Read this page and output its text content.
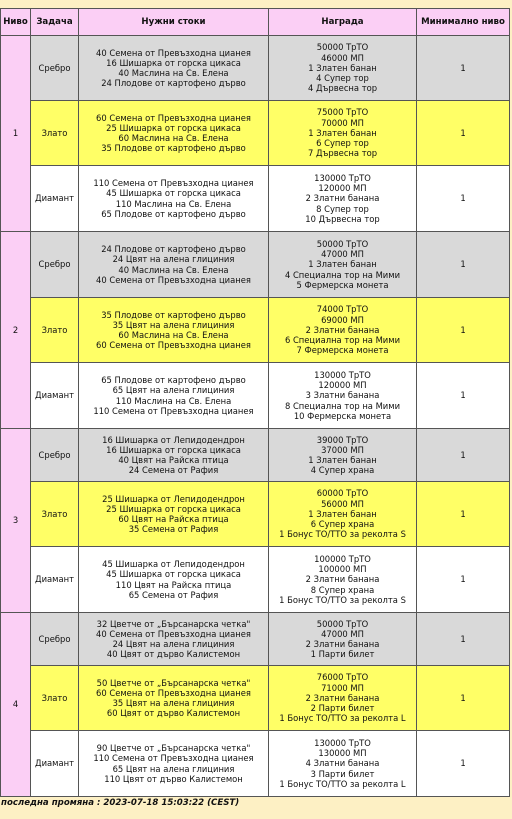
Ниво	Задача	Нужни стоки	Награда	Минимално ниво
1	Сребро	40 Семена от Превъзходна цианея
16 Шишарка от горска цикаса
40 Маслина на Св. Елена
24 Плодове от картофено дърво	50000 ТрТО
46000 МП
1 Златен банан
4 Супер тор
4 Дървесна тор	1
	Злато	60 Семена от Превъзходна цианея
25 Шишарка от горска цикаса
60 Маслина на Св. Елена
35 Плодове от картофено дърво	75000 ТрТО
70000 МП
1 Златен банан
6 Супер тор
7 Дървесна тор	1
	Диамант	110 Семена от Превъзходна цианея
45 Шишарка от горска цикаса
110 Маслина на Св. Елена
65 Плодове от картофено дърво	130000 ТрТО
120000 МП
2 Златни банана
8 Супер тор
10 Дървесна тор	1
2	Сребро	24 Плодове от картофено дърво
24 Цвят на алена глициния
40 Маслина на Св. Елена
40 Семена от Превъзходна цианея	50000 ТрТО
47000 МП
1 Златен банан
4 Специална тор на Мими
5 Фермерска монета	1
	Злато	35 Плодове от картофено дърво
35 Цвят на алена глициния
60 Маслина на Св. Елена
60 Семена от Превъзходна цианея	74000 ТрТО
69000 МП
2 Златни банана
6 Специална тор на Мими
7 Фермерска монета	1
	Диамант	65 Плодове от картофено дърво
65 Цвят на алена глициния
110 Маслина на Св. Елена
110 Семена от Превъзходна цианея	130000 ТрТО
120000 МП
3 Златни банана
8 Специална тор на Мими
10 Фермерска монета	1
3	Сребро	16 Шишарка от Лепидодендрон
16 Шишарка от горска цикаса
40 Цвят на Райска птица
24 Семена от Рафия	39000 ТрТО
37000 МП
1 Златен банан
4 Супер храна	1
	Злато	25 Шишарка от Лепидодендрон
25 Шишарка от горска цикаса
60 Цвят на Райска птица
35 Семена от Рафия	60000 ТрТО
56000 МП
1 Златен банан
6 Супер храна
1 Бонус ТО/ТТО за реколта S	1
	Диамант	45 Шишарка от Лепидодендрон
45 Шишарка от горска цикаса
110 Цвят на Райска птица
65 Семена от Рафия	100000 ТрТО
100000 МП
2 Златни банана
8 Супер храна
1 Бонус ТО/ТТО за реколта S	1
4	Сребро	32 Цветче от „Бърсанарска четка"
40 Семена от Превъзходна цианея
24 Цвят на алена глициния
40 Цвят от дърво Калистемон	50000 ТрТО
47000 МП
2 Златни банана
1 Парти билет	1
	Злато	50 Цветче от „Бърсанарска четка"
60 Семена от Превъзходна цианея
35 Цвят на алена глициния
60 Цвят от дърво Калистемон	76000 ТрТО
71000 МП
2 Златни банана
2 Парти билет
1 Бонус ТО/ТТО за реколта L	1
	Диамант	90 Цветче от „Бърсанарска четка"
110 Семена от Превъзходна цианея
65 Цвят на алена глициния
110 Цвят от дърво Калистемон	130000 ТрТО
130000 МП
4 Златни банана
3 Парти билет
1 Бонус ТО/ТТО за реколта L	1
последна промяна : 2023-07-18 15:03:22 (CEST)
